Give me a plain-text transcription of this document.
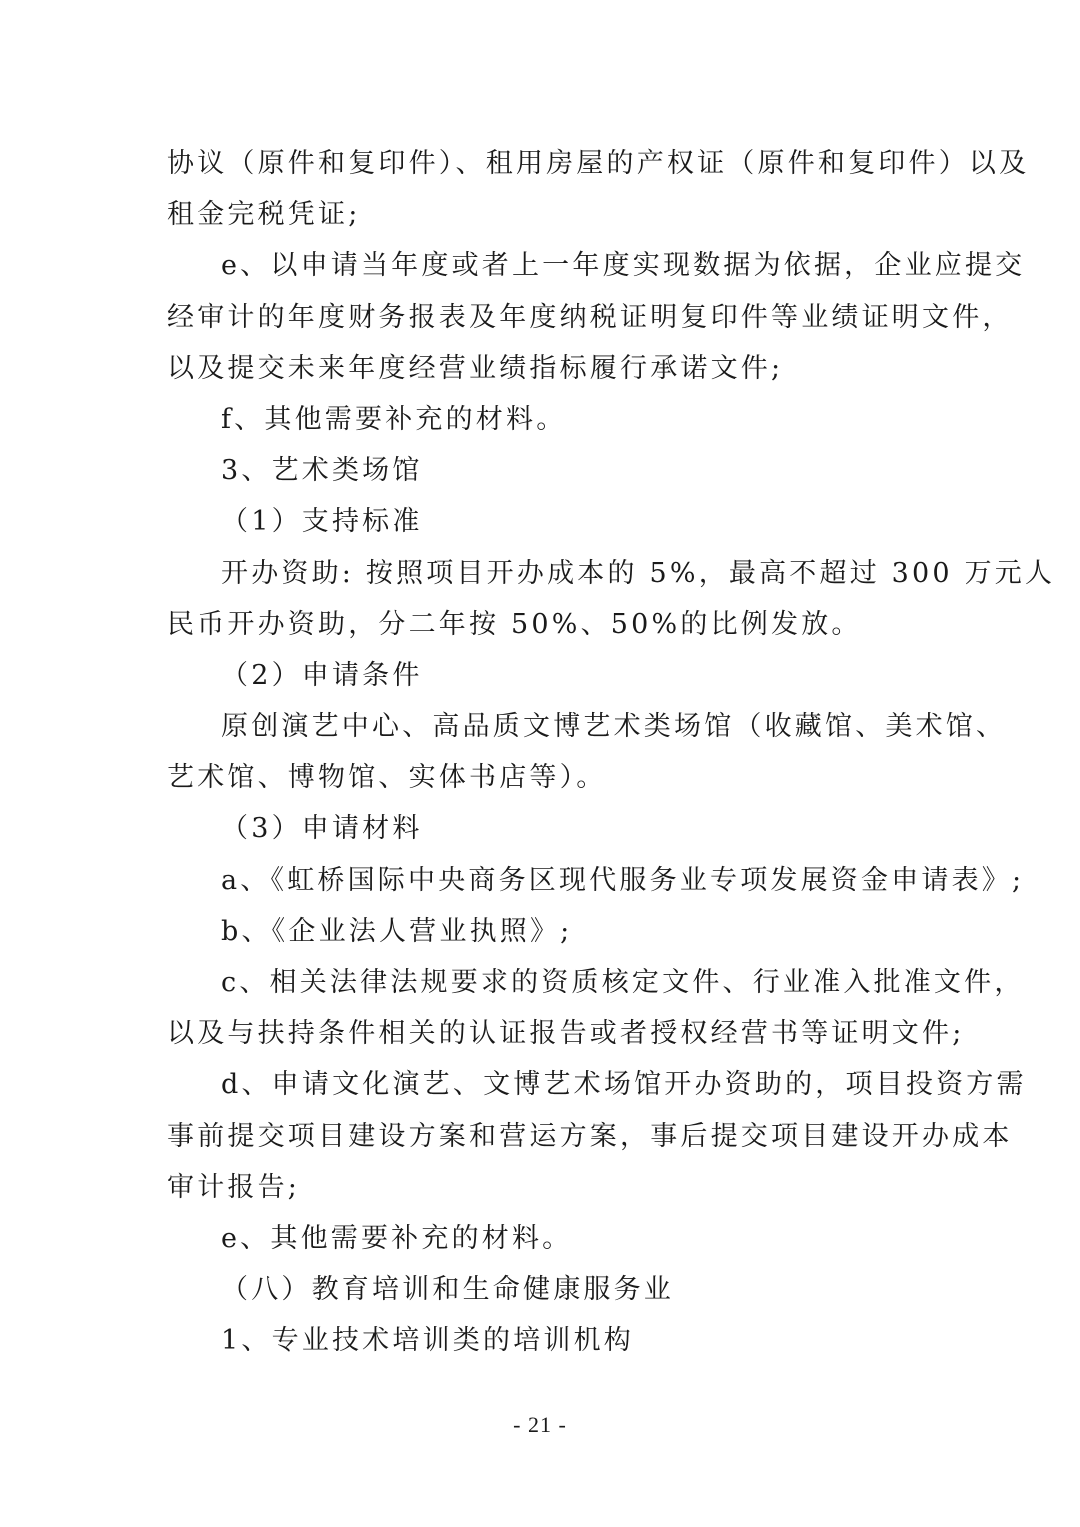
协议（原件和复印件）、租用房屋的产权证（原件和复印件）以及
租金完税凭证;
e、以申请当年度或者上一年度实现数据为依据，企业应提交
经审计的年度财务报表及年度纳税证明复印件等业绩证明文件，
以及提交未来年度经营业绩指标履行承诺文件;
f、其他需要补充的材料。
3、艺术类场馆
（1）支持标准
开办资助: 按照项目开办成本的 5%，最高不超过 300 万元人
民币开办资助，分二年按 50%、50%的比例发放。
（2）申请条件
原创演艺中心、高品质文博艺术类场馆（收藏馆、美术馆、
艺术馆、博物馆、实体书店等）。
（3）申请材料
a、《虹桥国际中央商务区现代服务业专项发展资金申请表》;
b、《企业法人营业执照》;
c、相关法律法规要求的资质核定文件、行业准入批准文件，
以及与扶持条件相关的认证报告或者授权经营书等证明文件;
d、申请文化演艺、文博艺术场馆开办资助的，项目投资方需
事前提交项目建设方案和营运方案，事后提交项目建设开办成本
审计报告;
e、其他需要补充的材料。
（八）教育培训和生命健康服务业
1、专业技术培训类的培训机构
- 21 -
